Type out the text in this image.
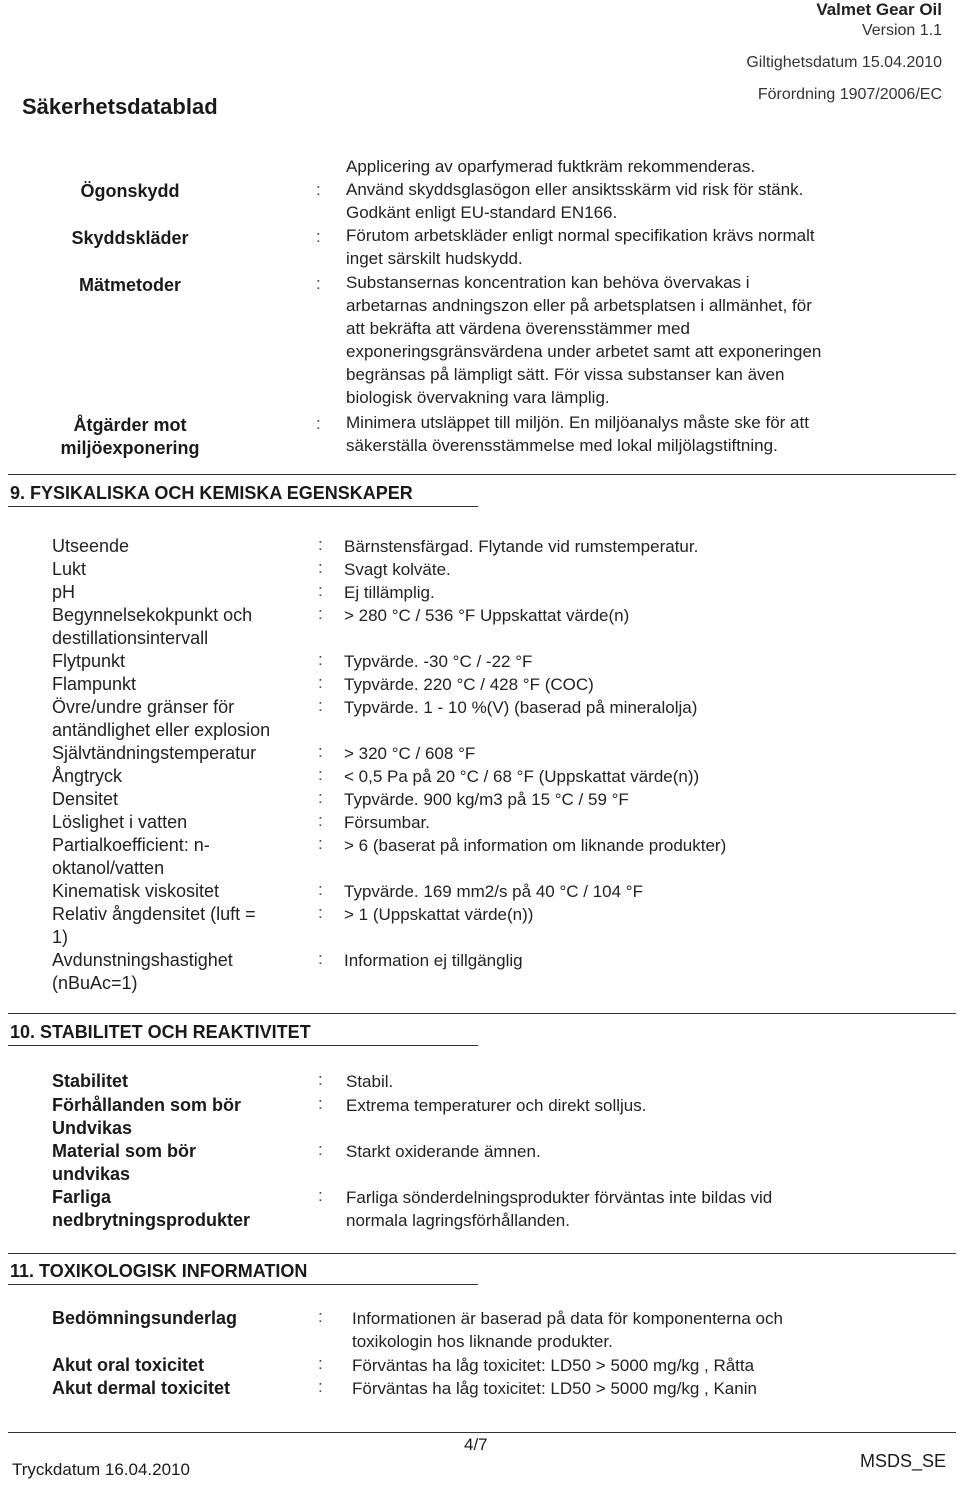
Valmet Gear Oil
Version 1.1
Giltighetsdatum 15.04.2010
Förordning 1907/2006/EC
Säkerhetsdatablad
Applicering av oparfymerad fuktkräm rekommenderas.
Ögonskydd	: Använd skyddsglasögon eller ansiktsskärm vid risk för stänk.
Godkänt enligt EU-standard EN166.
Skyddskläder	: Förutom arbetskläder enligt normal specifikation krävs normalt
inget särskilt hudskydd.
Mätmetoder	: Substansernas koncentration kan behöva övervakas i
arbetarnas andningszon eller på arbetsplatsen i allmänhet, för
att bekräfta att värdena överensstämmer med
exponeringsgränsvärdena under arbetet samt att exponeringen
begränsas på lämpligt sätt. För vissa substanser kan även
biologisk övervakning vara lämplig.
Åtgärder mot
miljöexponering
: Minimera utsläppet till miljön. En miljöanalys måste ske för att
säkerställa överensstämmelse med lokal miljölagstiftning.
9. FYSIKALISKA OCH KEMISKA EGENSKAPER
Utseende	: Bärnstensfärgad. Flytande vid rumstemperatur.
Lukt	: Svagt kolväte.
pH	: Ej tillämplig.
Begynnelsekokpunkt och
destillationsintervall
: > 280 °C / 536 °F Uppskattat värde(n)
Flytpunkt	: Typvärde. -30 °C / -22 °F
Flampunkt	: Typvärde. 220 °C / 428 °F (COC)
Övre/undre gränser för
antändlighet eller explosion
: Typvärde. 1 - 10 %(V) (baserad på mineralolja)
Självtändningstemperatur	: > 320 °C / 608 °F
Ångtryck	: < 0,5 Pa på 20 °C / 68 °F (Uppskattat värde(n))
Densitet	: Typvärde. 900 kg/m3 på 15 °C / 59 °F
Löslighet i vatten	: Försumbar.
Partialkoefficient: n-
oktanol/vatten
: > 6 (baserat på information om liknande produkter)
Kinematisk viskositet	: Typvärde. 169 mm2/s på 40 °C / 104 °F
Relativ ångdensitet (luft =
1)
: > 1 (Uppskattat värde(n))
Avdunstningshastighet
(nBuAc=1)
: Information ej tillgänglig
10. STABILITET OCH REAKTIVITET
Stabilitet	: Stabil.
Förhållanden som bör
Undvikas
: Extrema temperaturer och direkt solljus.
Material som bör
undvikas
: Starkt oxiderande ämnen.
Farliga
nedbrytningsprodukter
: Farliga sönderdelningsprodukter förväntas inte bildas vid
normala lagringsförhållanden.
11. TOXIKOLOGISK INFORMATION
Bedömningsunderlag	: Informationen är baserad på data för komponenterna och
toxikologin hos liknande produkter.
Akut oral toxicitet	: Förväntas ha låg toxicitet: LD50 > 5000 mg/kg , Råtta
Akut dermal toxicitet	: Förväntas ha låg toxicitet: LD50 > 5000 mg/kg , Kanin
4/7
Tryckdatum 16.04.2010	MSDS_SE
